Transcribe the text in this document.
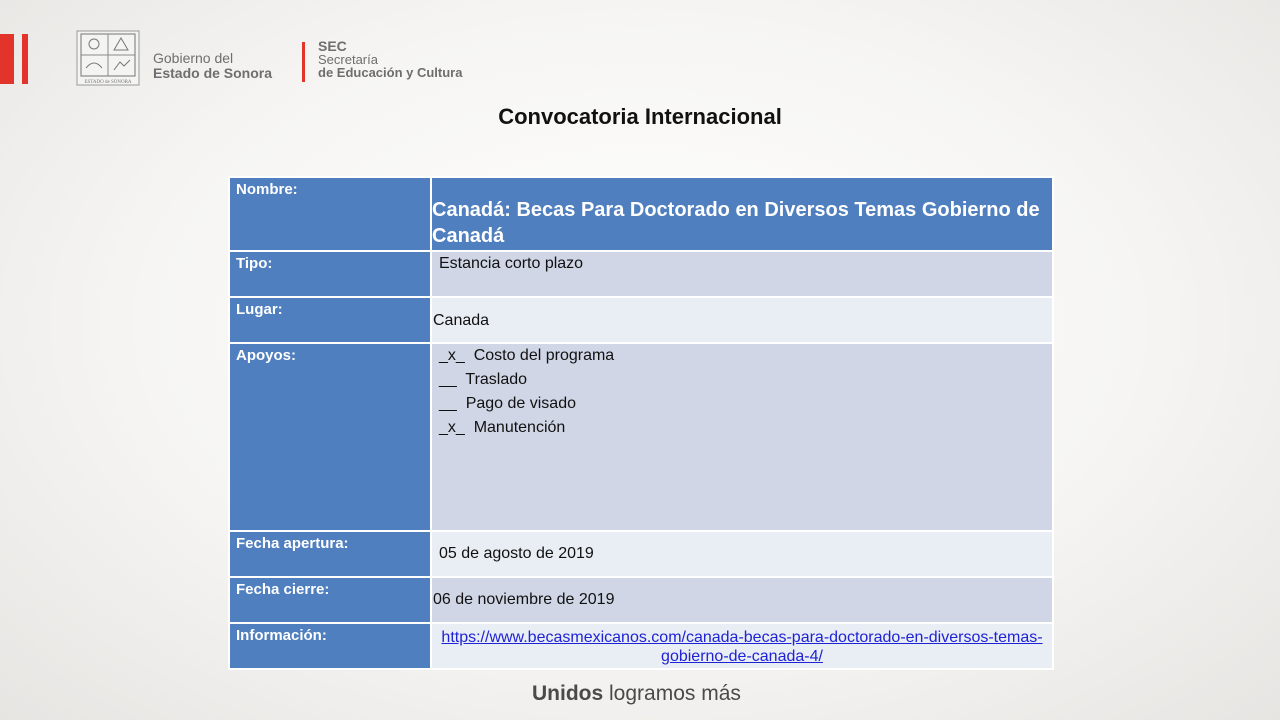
ESTADO de SONORA
Gobierno del
Estado de Sonora
SEC
Secretaría
de Educación y Cultura
Convocatoria Internacional
Nombre:	Canadá: Becas Para Doctorado en Diversos Temas Gobierno de Canadá

Tipo:	Estancia corto plazo

Lugar:	Canada

Apoyos:	_x_  Costo del programa
__  Traslado
__  Pago de visado
_x_  Manutención

Fecha apertura:	05 de agosto de 2019

Fecha cierre:	06 de noviembre de 2019

Información:	https://www.becasmexicanos.com/canada-becas-para-doctorado-en-diversos-temas-gobierno-de-canada-4/
Unidos logramos más
